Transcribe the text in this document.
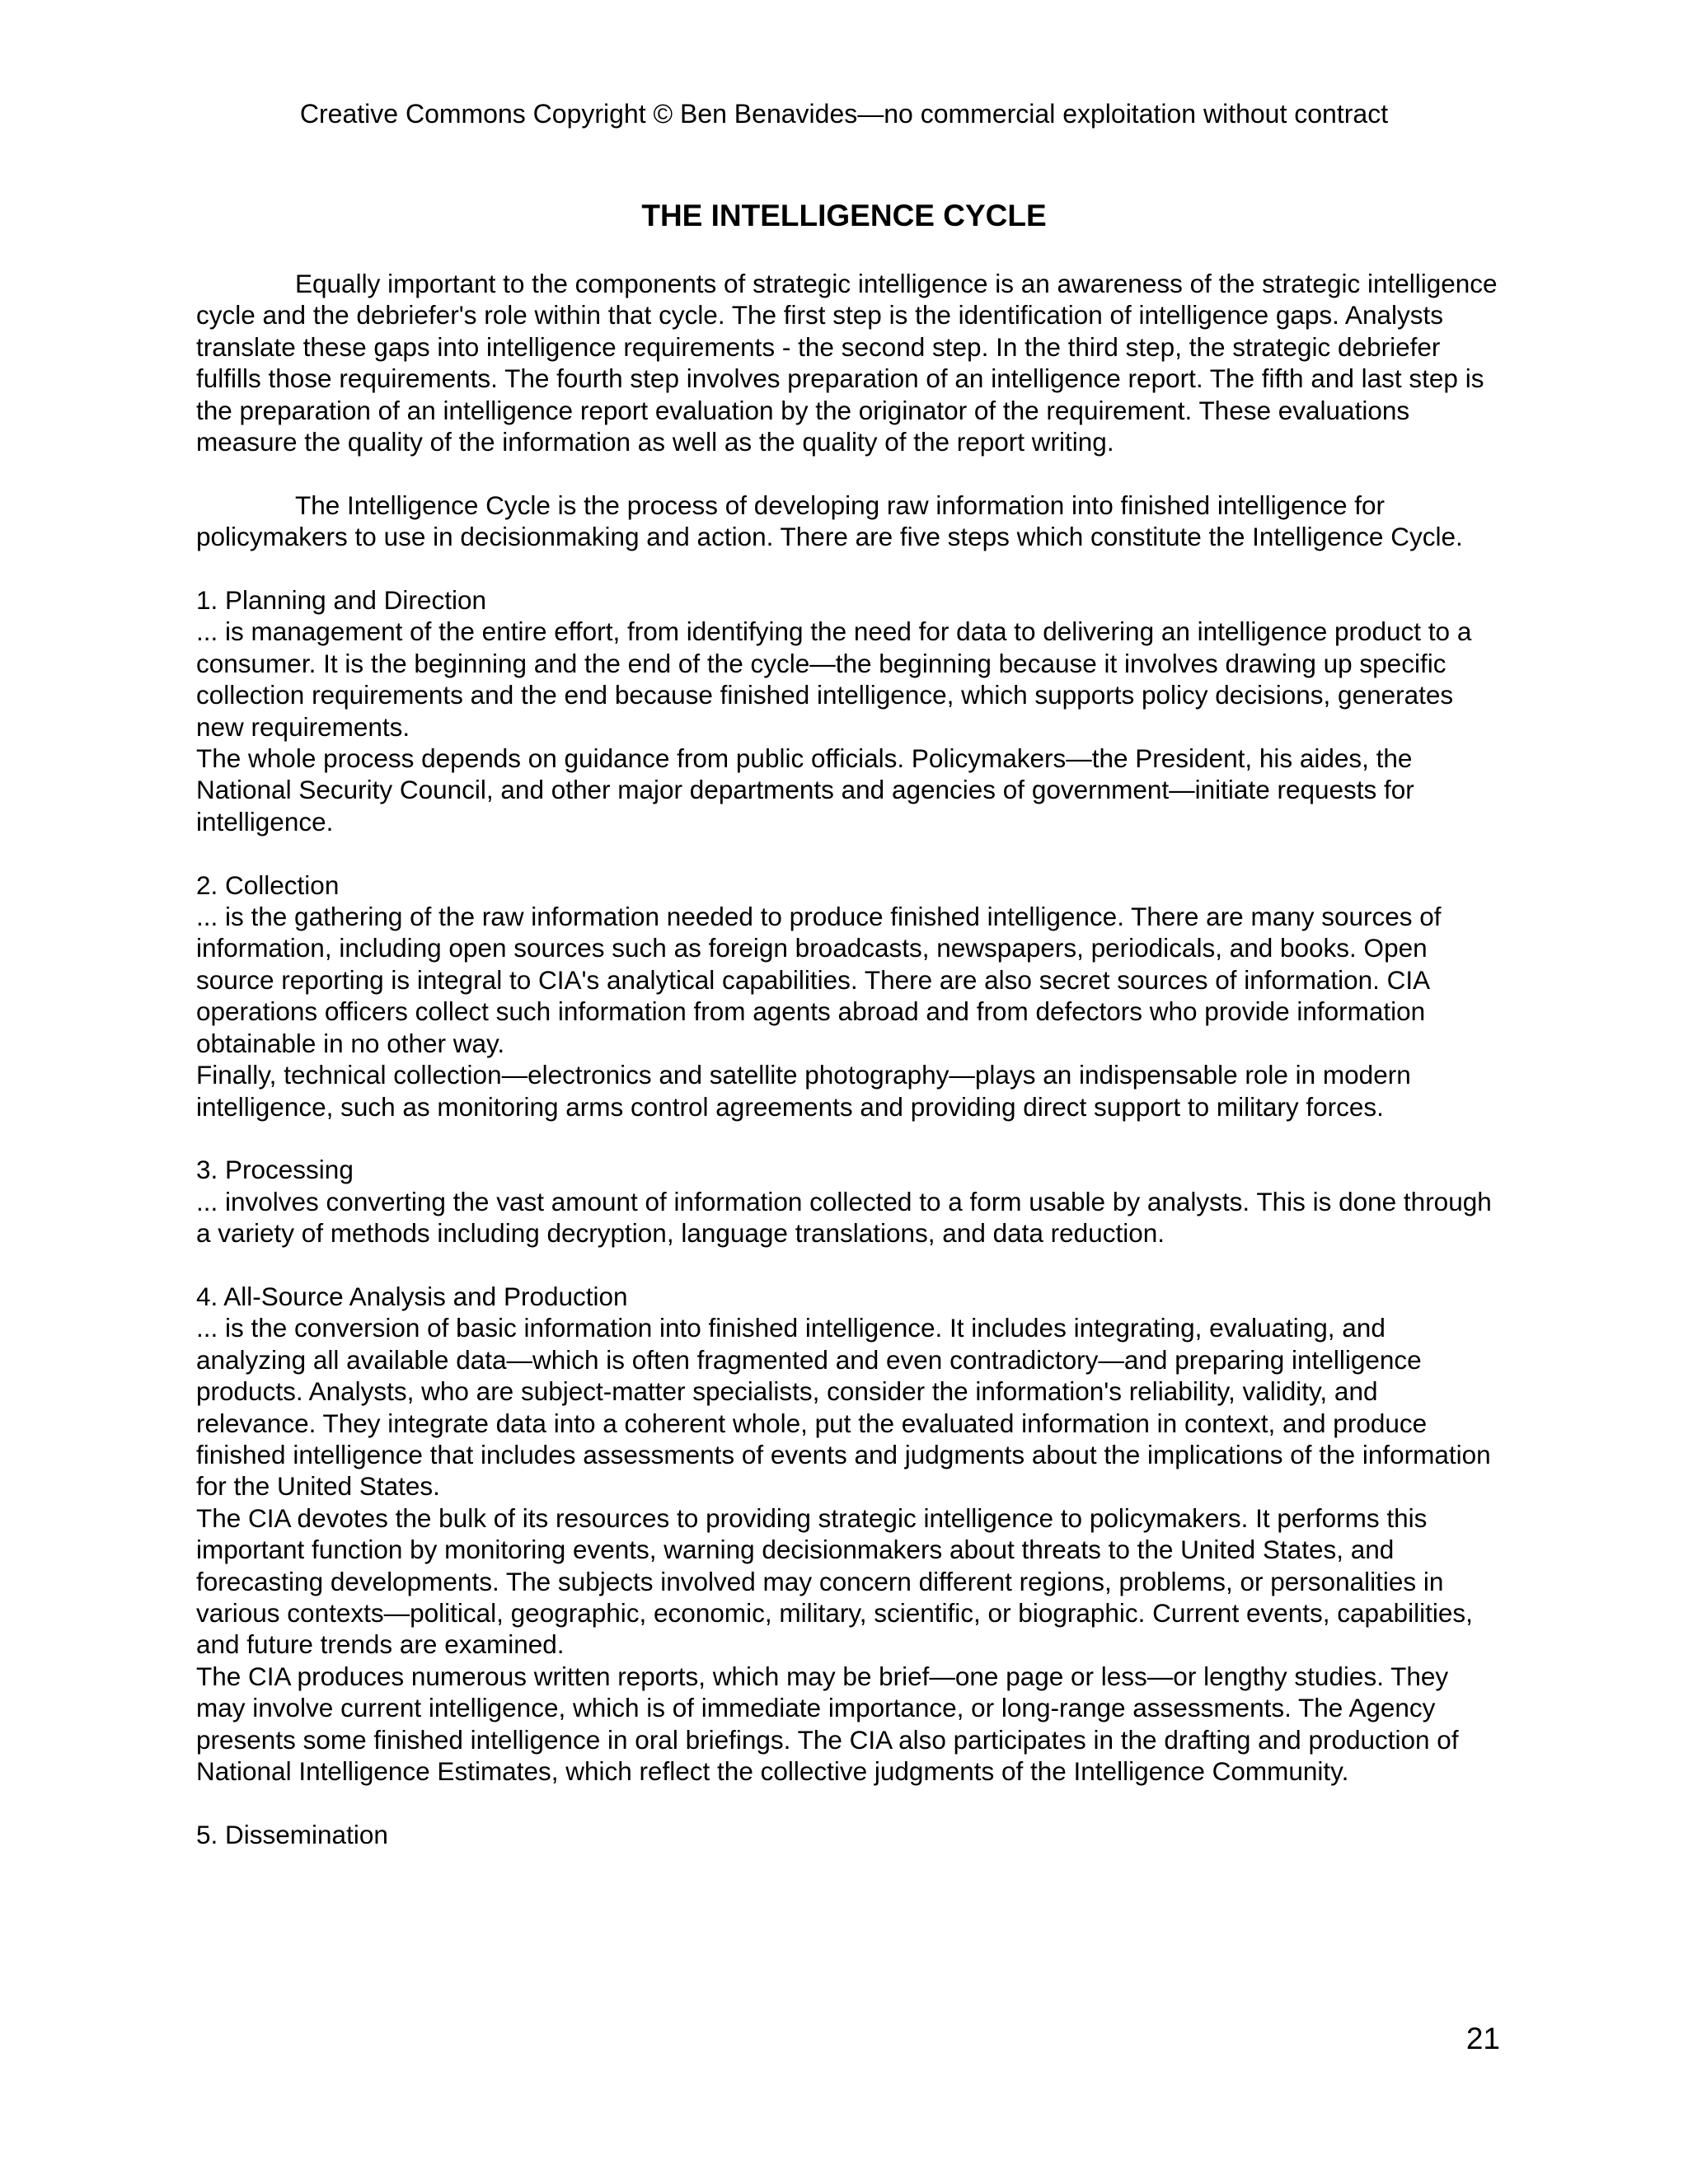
Creative Commons Copyright © Ben Benavides—no commercial exploitation without contract
THE INTELLIGENCE CYCLE

Equally important to the components of strategic intelligence is an awareness of the strategic intelligence cycle and the debriefer's role within that cycle. The first step is the identification of intelligence gaps. Analysts translate these gaps into intelligence requirements - the second step. In the third step, the strategic debriefer fulfills those requirements. The fourth step involves preparation of an intelligence report. The fifth and last step is the preparation of an intelligence report evaluation by the originator of the requirement. These evaluations measure the quality of the information as well as the quality of the report writing.

The Intelligence Cycle is the process of developing raw information into finished intelligence for policymakers to use in decisionmaking and action. There are five steps which constitute the Intelligence Cycle.

1. Planning and Direction

... is management of the entire effort, from identifying the need for data to delivering an intelligence product to a consumer. It is the beginning and the end of the cycle—the beginning because it involves drawing up specific collection requirements and the end because finished intelligence, which supports policy decisions, generates new requirements.

The whole process depends on guidance from public officials. Policymakers—the President, his aides, the National Security Council, and other major departments and agencies of government—initiate requests for intelligence.

2. Collection

... is the gathering of the raw information needed to produce finished intelligence. There are many sources of information, including open sources such as foreign broadcasts, newspapers, periodicals, and books. Open source reporting is integral to CIA's analytical capabilities. There are also secret sources of information. CIA operations officers collect such information from agents abroad and from defectors who provide information obtainable in no other way.

Finally, technical collection—electronics and satellite photography—plays an indispensable role in modern intelligence, such as monitoring arms control agreements and providing direct support to military forces.

3. Processing

... involves converting the vast amount of information collected to a form usable by analysts. This is done through a variety of methods including decryption, language translations, and data reduction.

4. All-Source Analysis and Production

... is the conversion of basic information into finished intelligence. It includes integrating, evaluating, and analyzing all available data—which is often fragmented and even contradictory—and preparing intelligence products. Analysts, who are subject-matter specialists, consider the information's reliability, validity, and relevance. They integrate data into a coherent whole, put the evaluated information in context, and produce finished intelligence that includes assessments of events and judgments about the implications of the information for the United States.

The CIA devotes the bulk of its resources to providing strategic intelligence to policymakers. It performs this important function by monitoring events, warning decisionmakers about threats to the United States, and forecasting developments. The subjects involved may concern different regions, problems, or personalities in various contexts—political, geographic, economic, military, scientific, or biographic. Current events, capabilities, and future trends are examined.

The CIA produces numerous written reports, which may be brief—one page or less—or lengthy studies. They may involve current intelligence, which is of immediate importance, or long-range assessments. The Agency presents some finished intelligence in oral briefings. The CIA also participates in the drafting and production of National Intelligence Estimates, which reflect the collective judgments of the Intelligence Community.

5. Dissemination

21
